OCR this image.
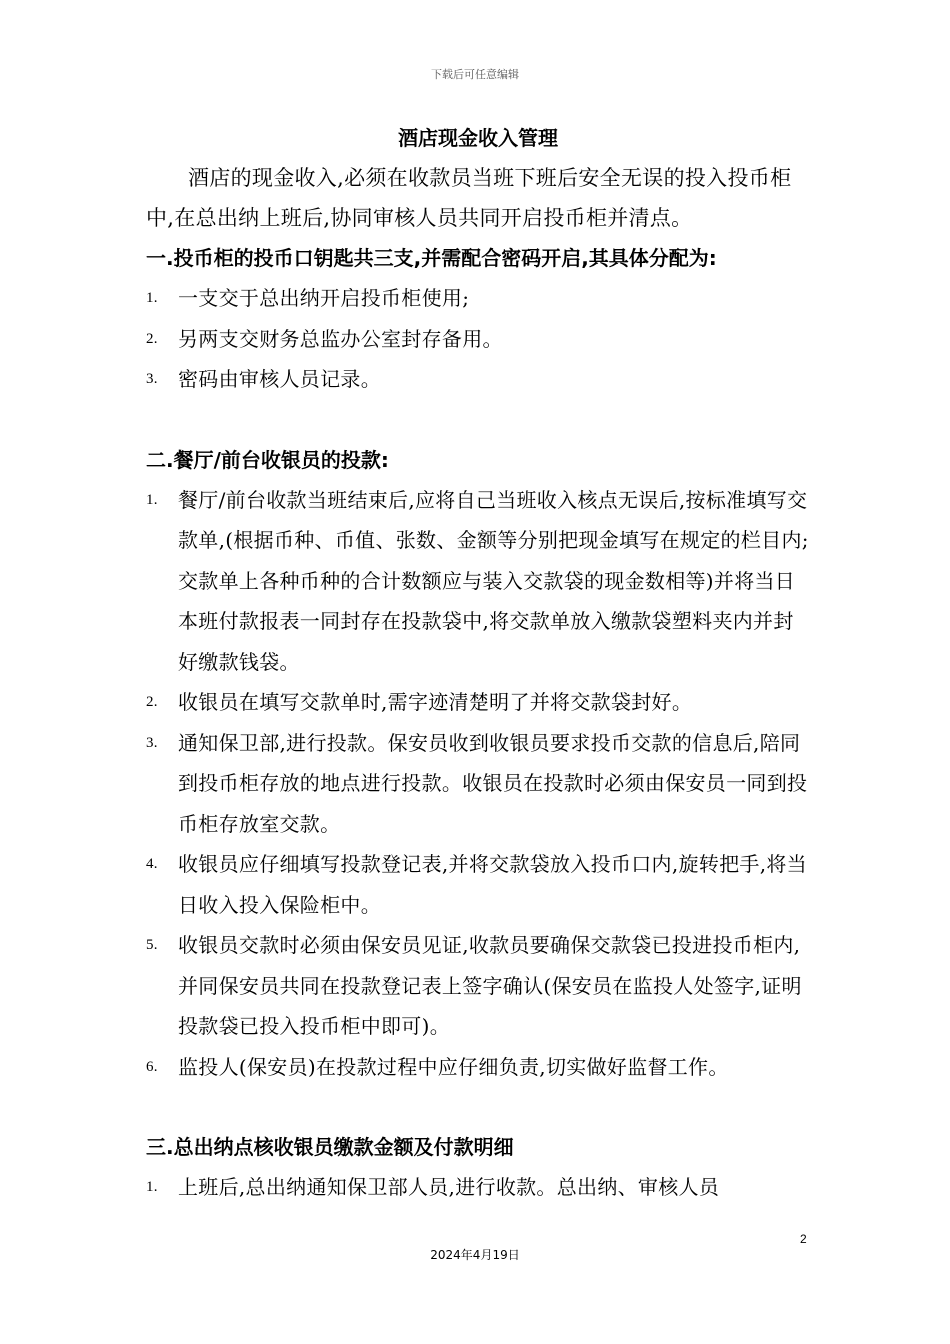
下载后可任意编辑
酒店现金收入管理

酒店的现金收入,必须在收款员当班下班后安全无误的投入投币柜中,在总出纳上班后,协同审核人员共同开启投币柜并清点。

一.投币柜的投币口钥匙共三支,并需配合密码开启,其具体分配为:
1. 一支交于总出纳开启投币柜使用;
2. 另两支交财务总监办公室封存备用。
3. 密码由审核人员记录。
二.餐厅/前台收银员的投款:
1. 餐厅/前台收款当班结束后,应将自己当班收入核点无误后,按标准填写交款单,(根据币种、币值、张数、金额等分别把现金填写在规定的栏目内;交款单上各种币种的合计数额应与装入交款袋的现金数相等)并将当日本班付款报表一同封存在投款袋中,将交款单放入缴款袋塑料夹内并封好缴款钱袋。
2. 收银员在填写交款单时,需字迹清楚明了并将交款袋封好。
3. 通知保卫部,进行投款。保安员收到收银员要求投币交款的信息后,陪同到投币柜存放的地点进行投款。收银员在投款时必须由保安员一同到投币柜存放室交款。
4. 收银员应仔细填写投款登记表,并将交款袋放入投币口内,旋转把手,将当日收入投入保险柜中。
5. 收银员交款时必须由保安员见证,收款员要确保交款袋已投进投币柜内,并同保安员共同在投款登记表上签字确认(保安员在监投人处签字,证明投款袋已投入投币柜中即可)。
6. 监投人(保安员)在投款过程中应仔细负责,切实做好监督工作。
三.总出纳点核收银员缴款金额及付款明细
1. 上班后,总出纳通知保卫部人员,进行收款。总出纳、审核人员
2
2024年4月19日
